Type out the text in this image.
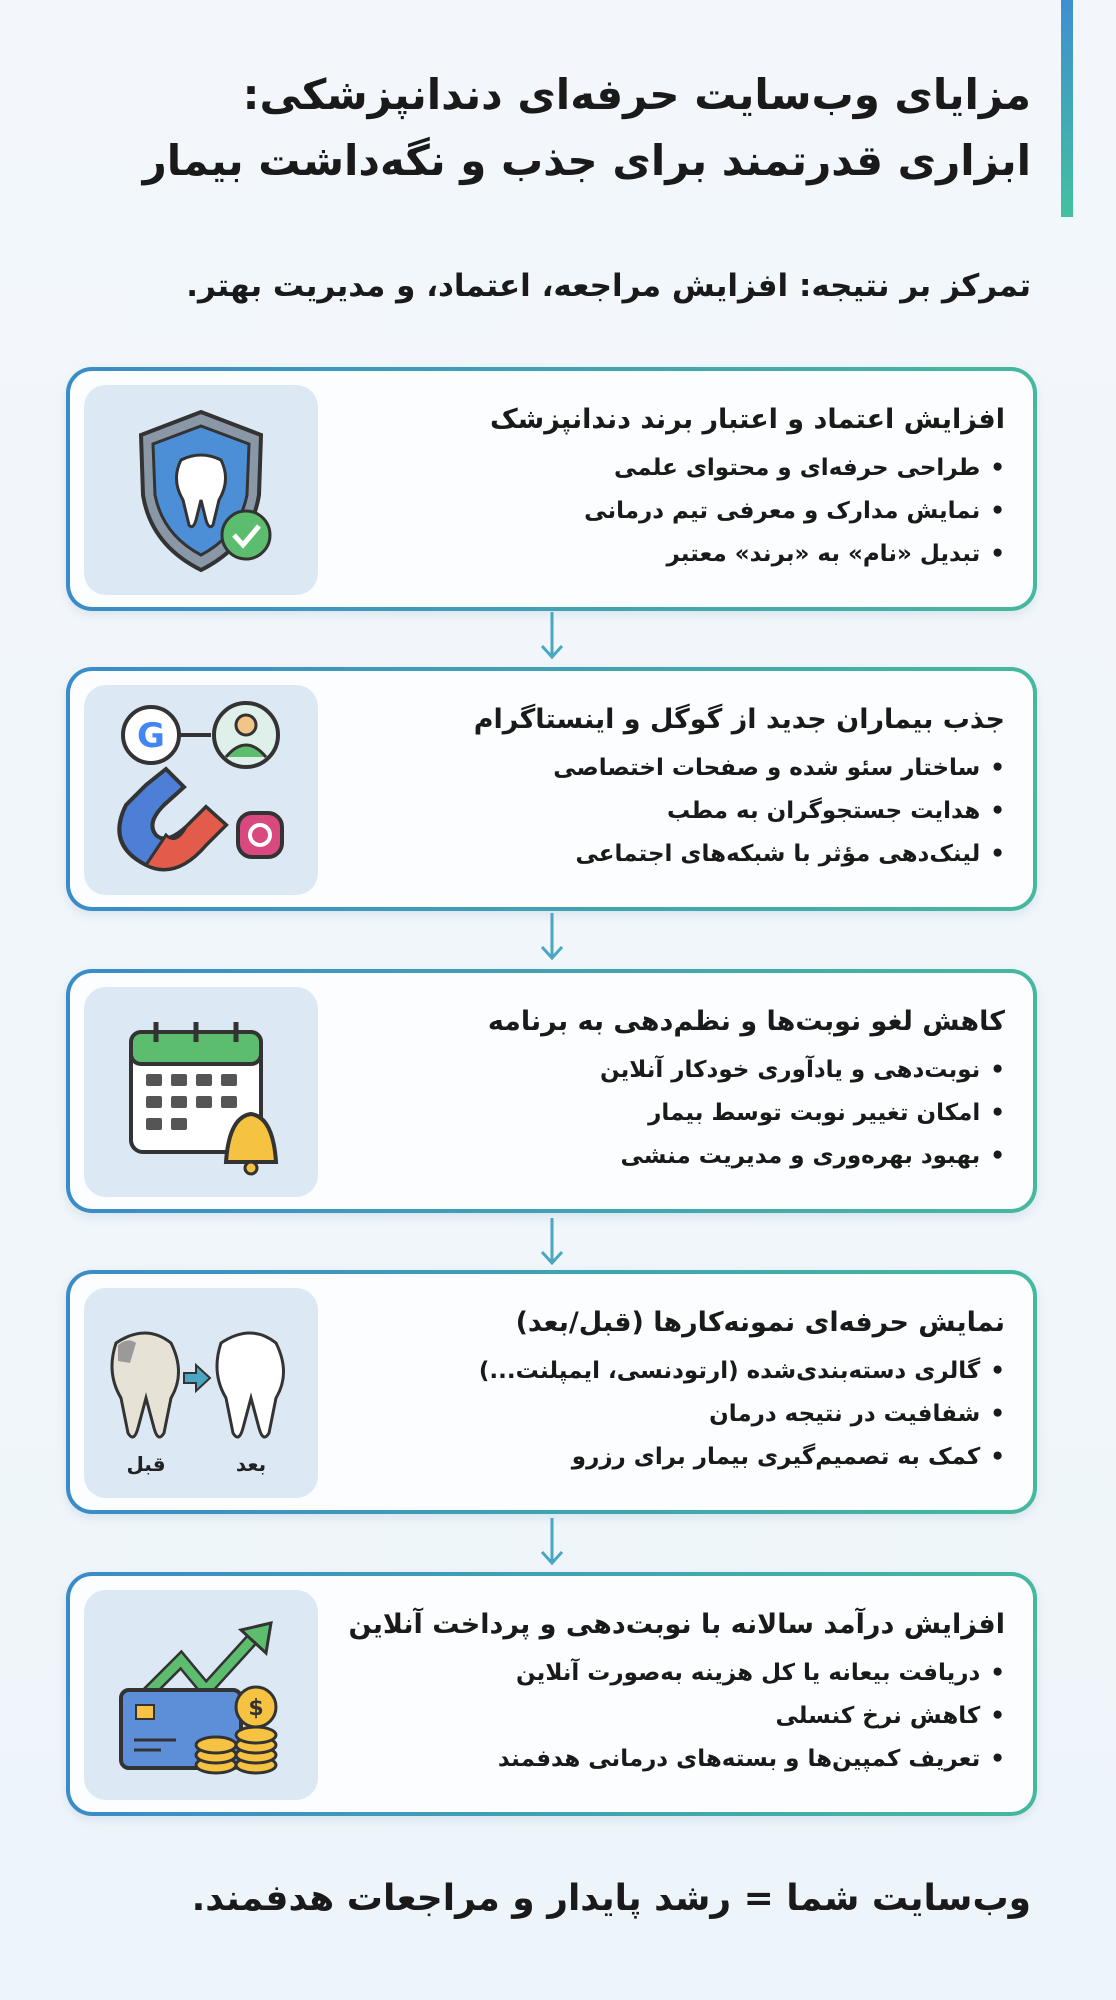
مزایای وب‌سایت حرفه‌ای دندانپزشکی:
ابزاری قدرتمند برای جذب و نگه‌داشت بیمار
تمرکز بر نتیجه: افزایش مراجعه، اعتماد، و مدیریت بهتر.
افزایش اعتماد و اعتبار برند دندانپزشک
• طراحی حرفه‌ای و محتوای علمی
• نمایش مدارک و معرفی تیم درمانی
• تبدیل «نام» به «برند» معتبر
G	جذب بیماران جدید از گوگل و اینستاگرام
• ساختار سئو شده و صفحات اختصاصی
• هدایت جستجوگران به مطب
• لینک‌دهی مؤثر با شبکه‌های اجتماعی
کاهش لغو نوبت‌ها و نظم‌دهی به برنامه
• نوبت‌دهی و یادآوری خودکار آنلاین
• امکان تغییر نوبت توسط بیمار
• بهبود بهره‌وری و مدیریت منشی
قبل	بعد
نمایش حرفه‌ای نمونه‌کارها (قبل/بعد)
• گالری دسته‌بندی‌شده (ارتودنسی، ایمپلنت...)
• شفافیت در نتیجه درمان
• کمک به تصمیم‌گیری بیمار برای رزرو
$
افزایش درآمد سالانه با نوبت‌دهی و پرداخت آنلاین
• دریافت بیعانه یا کل هزینه به‌صورت آنلاین
• کاهش نرخ کنسلی
• تعریف کمپین‌ها و بسته‌های درمانی هدفمند
وب‌سایت شما = رشد پایدار و مراجعات هدفمند.
